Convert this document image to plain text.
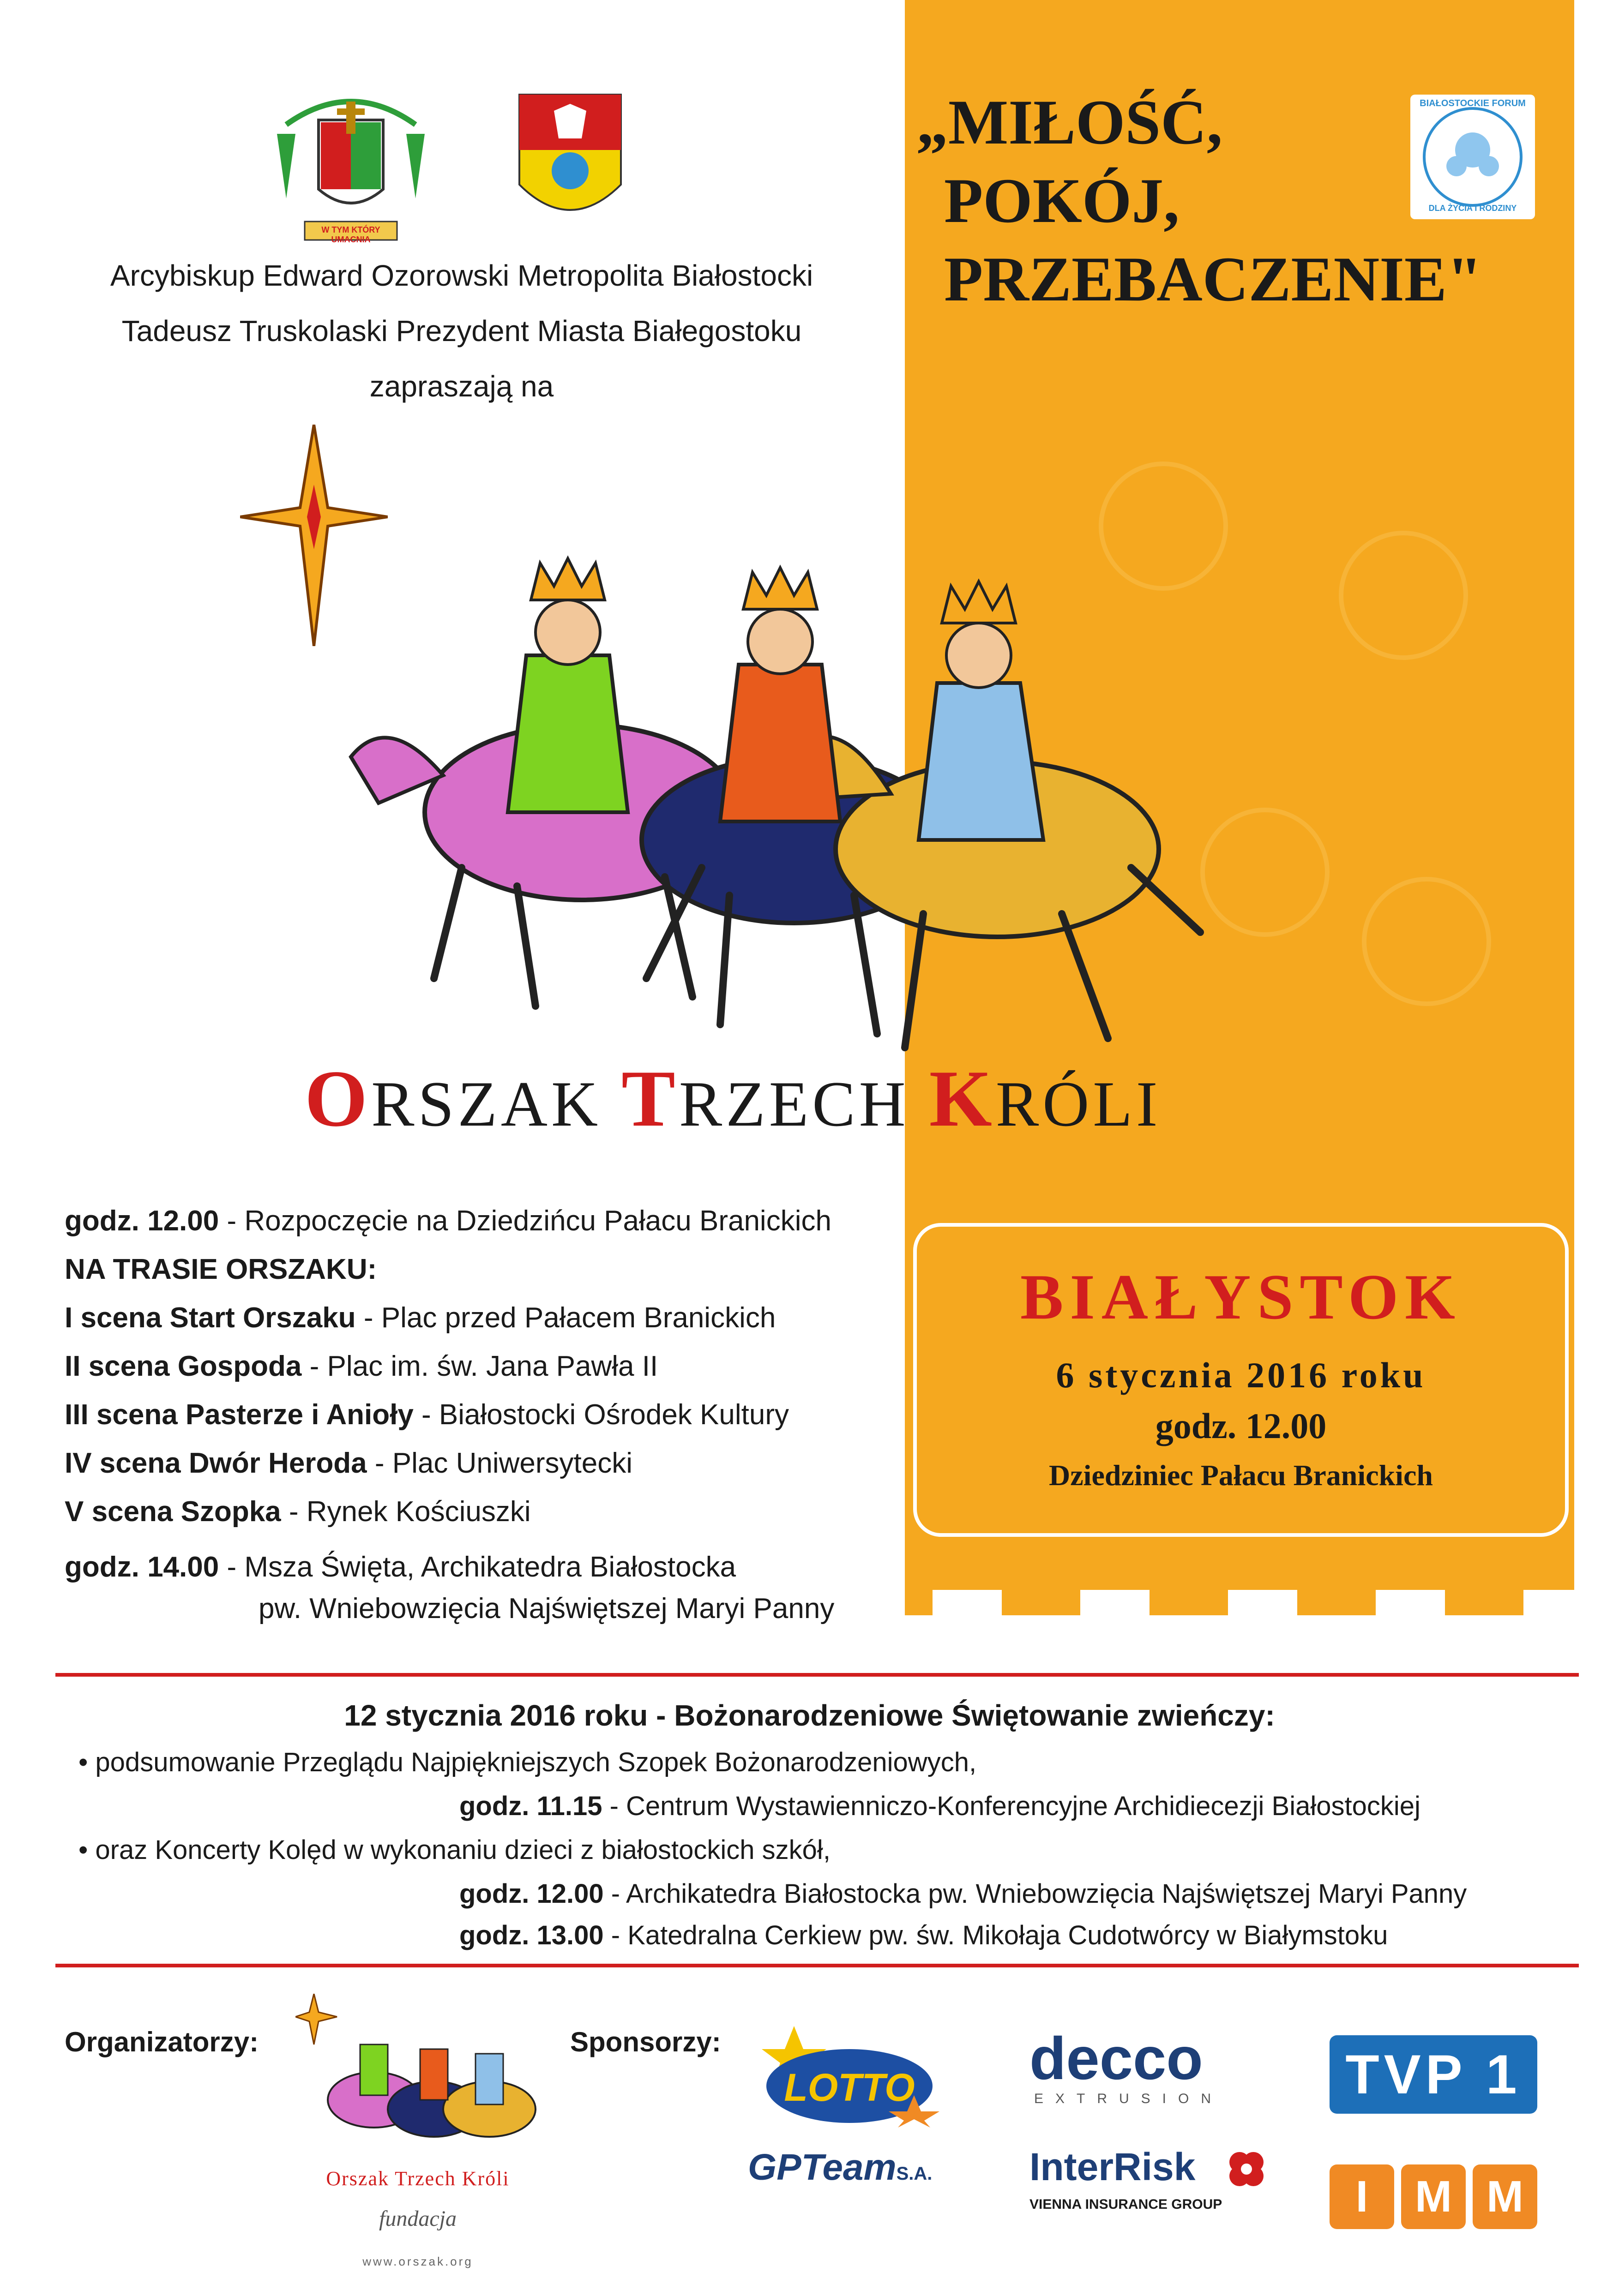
„MIŁOŚĆ,
POKÓJ,
PRZEBACZENIE"
BIAŁOSTOCKIE FORUM
DLA ŻYCIA I RODZINY
W TYM KTÓRY UMACNIA
Arcybiskup Edward Ozorowski Metropolita Białostocki
Tadeusz Truskolaski Prezydent Miasta Białegostoku
zapraszają na
ORSZAK TRZECH KRÓLI
godz. 12.00 - Rozpoczęcie na Dziedzińcu Pałacu Branickich
NA TRASIE ORSZAKU:
I scena Start Orszaku - Plac przed Pałacem Branickich
II scena Gospoda - Plac im. św. Jana Pawła II
III scena Pasterze i Anioły - Białostocki Ośrodek Kultury
IV scena Dwór Heroda - Plac Uniwersytecki
V scena Szopka - Rynek Kościuszki
godz. 14.00 - Msza Święta, Archikatedra Białostocka
pw. Wniebowzięcia Najświętszej Maryi Panny
BIAŁYSTOK
6 stycznia 2016 roku
godz. 12.00
Dziedziniec Pałacu Branickich
12 stycznia 2016 roku - Bożonarodzeniowe Świętowanie zwieńczy:
• podsumowanie Przeglądu Najpiękniejszych Szopek Bożonarodzeniowych,
godz. 11.15 - Centrum Wystawienniczo-Konferencyjne Archidiecezji Białostockiej
• oraz Koncerty Kolęd w wykonaniu dzieci z białostockich szkół,
godz. 12.00 - Archikatedra Białostocka pw. Wniebowzięcia Najświętszej Maryi Panny
godz. 13.00 - Katedralna Cerkiew pw. św. Mikołaja Cudotwórcy w Białymstoku
Organizatorzy:	Sponsorzy:
Orszak Trzech Króli
fundacja
www.orszak.org
LOTTO
GPTeamS.A.
decco
EXTRUSION
InterRisk
VIENNA INSURANCE GROUP
TVP 1
I	M M
